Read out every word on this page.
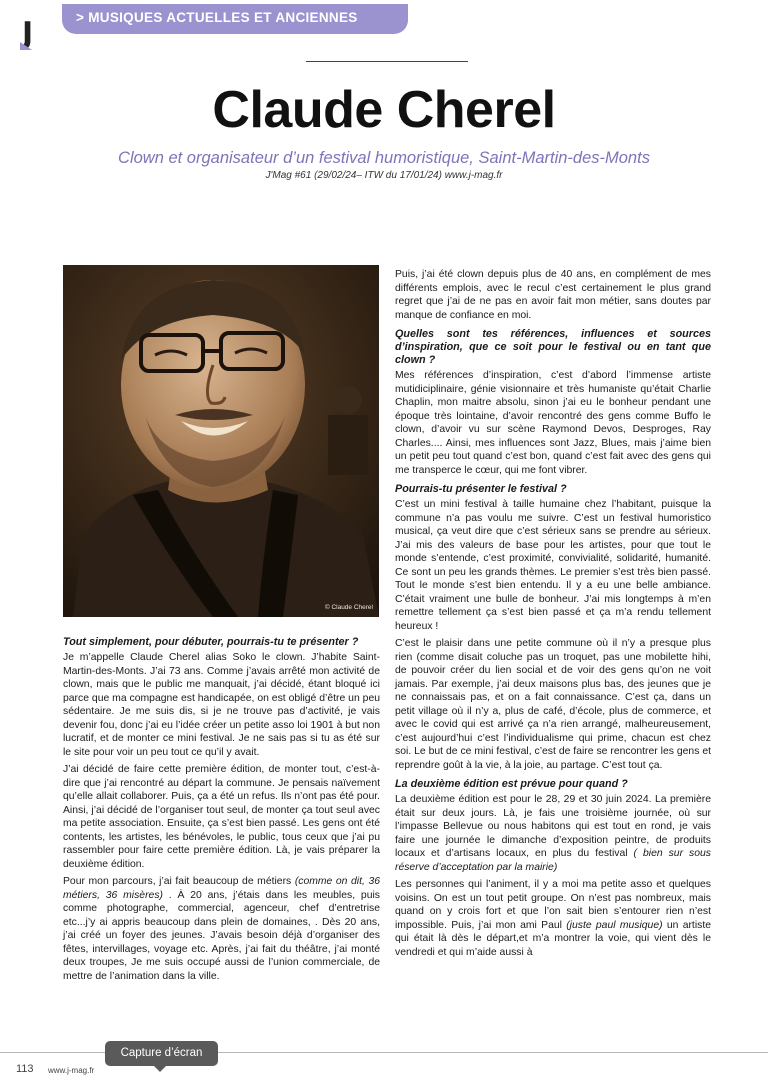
J	> MUSIQUES ACTUELLES ET ANCIENNES
Claude Cherel
Clown et organisateur d’un festival humoristique, Saint-Martin-des-Monts
J'Mag #61 (29/02/24– ITW du 17/01/24) www.j-mag.fr
© Claude Cherel
Tout simplement, pour débuter, pourrais-tu te présenter ?

Je m’appelle Claude Cherel alias Soko le clown. J’habite Saint-Martin-des-Monts. J’ai 73 ans. Comme j’avais arrêté mon activité de clown, mais que le public me manquait, j’ai décidé, étant bloqué ici parce que ma compagne est handicapée, on est obligé d’être un peu sédentaire. Je me suis dis, si je ne trouve pas d’activité, je vais devenir fou, donc j’ai eu l’idée créer un petite asso loi 1901 à but non lucratif, et de monter ce mini festival. Je ne sais pas si tu as été sur le site pour voir un peu tout ce qu’il y avait.

J’ai décidé de faire cette première édition, de monter tout, c’est-à-dire que j’ai rencontré au départ la commune. Je pensais naïvement qu’elle allait collaborer. Puis, ça a été un refus. Ils n’ont pas été pour. Ainsi, j’ai décidé de l’organiser tout seul, de monter ça tout seul avec ma petite association. Ensuite, ça s’est bien passé. Les gens ont été contents, les artistes, les bénévoles, le public, tous ceux que j’ai pu rassembler pour faire cette première édition. Là, je vais préparer la deuxième édition.

Pour mon parcours, j’ai fait beaucoup de métiers (comme on dit, 36 métiers, 36 misères) . À 20 ans, j’étais dans les meubles, puis comme photographe, commercial, agenceur, chef d’entretrise etc...j’y ai appris beaucoup dans plein de domaines, . Dès 20 ans, j’ai créé un foyer des jeunes. J’avais besoin déjà d’organiser des fêtes, intervillages, voyage etc. Après, j’ai fait du théâtre, j’ai monté deux troupes, Je me suis occupé aussi de l’union commerciale, de mettre de l’animation dans la ville.

Puis, j’ai été clown depuis plus de 40 ans, en complément de mes différents emplois, avec le recul c’est certainement le plus grand regret que j’ai de ne pas en avoir fait mon métier, sans doutes par manque de confiance en moi.

Quelles sont tes références, influences et sources d’inspiration, que ce soit pour le festival ou en tant que clown ?

Mes références d’inspiration, c’est d’abord l’immense artiste mutidiciplinaire, génie visionnaire et très humaniste qu’était Charlie Chaplin, mon maitre absolu, sinon j’ai eu le bonheur pendant une époque très lointaine, d’avoir rencontré des gens comme Buffo le clown, d’avoir vu sur scène Raymond Devos, Desproges, Ray Charles.... Ainsi, mes influences sont Jazz, Blues, mais j’aime bien un petit peu tout quand c’est bon, quand c’est fait avec des gens qui me transperce le cœur, qui me font vibrer.

Pourrais-tu présenter le festival ?

C’est un mini festival à taille humaine chez l’habitant, puisque la commune n’a pas voulu me suivre. C’est un festival humoristico musical, ça veut dire que c’est sérieux sans se prendre au sérieux. J’ai mis des valeurs de base pour les artistes, pour que tout le monde s’entende, c’est proximité, convivialité, solidarité, humanité. Ce sont un peu les grands thèmes. Le premier s’est très bien passé. Tout le monde s’est bien entendu. Il y a eu une belle ambiance. C’était vraiment une bulle de bonheur. J’ai mis longtemps à m’en remettre tellement ça s’est bien passé et ça m’a rendu tellement heureux !

C’est le plaisir dans une petite commune où il n’y a presque plus rien (comme disait coluche pas un troquet, pas une mobilette hihi, de pouvoir créer du lien social et de voir des gens qu’on ne voit jamais. Par exemple, j’ai deux maisons plus bas, des jeunes que je ne connaissais pas, et on a fait connaissance. C’est ça, dans un petit village où il n’y a, plus de café, d’école, plus de commerce, et avec le covid qui est arrivé ça n’a rien arrangé, malheureusement, c’est aujourd’hui c’est l’individualisme qui prime, chacun est chez soi. Le but de ce mini festival, c’est de faire se rencontrer les gens et reprendre goût à la vie, à la joie, au partage. C’est tout ça.

La deuxième édition est prévue pour quand ?

La deuxième édition est pour le 28, 29 et 30 juin 2024. La première était sur deux jours. Là, je fais une troisième journée, où sur l’impasse Bellevue ou nous habitons qui est tout en rond, je vais faire une journée le dimanche d’exposition peintre, de produits locaux et d’artisans locaux, en plus du festival ( bien sur sous réserve d’acceptation par la mairie)

Les personnes qui l’animent, il y a moi ma petite asso et quelques voisins. On est un tout petit groupe. On n’est pas nombreux, mais quand on y crois fort et que l’on sait bien s’entourer rien n’est impossible. Puis, j’ai mon ami Paul (juste paul musique) un artiste qui était là dès le départ,et m’a montrer la voie, qui vient dès le vendredi et qui m’aide aussi à

113 www.j-mag.fr
Capture d’écran
